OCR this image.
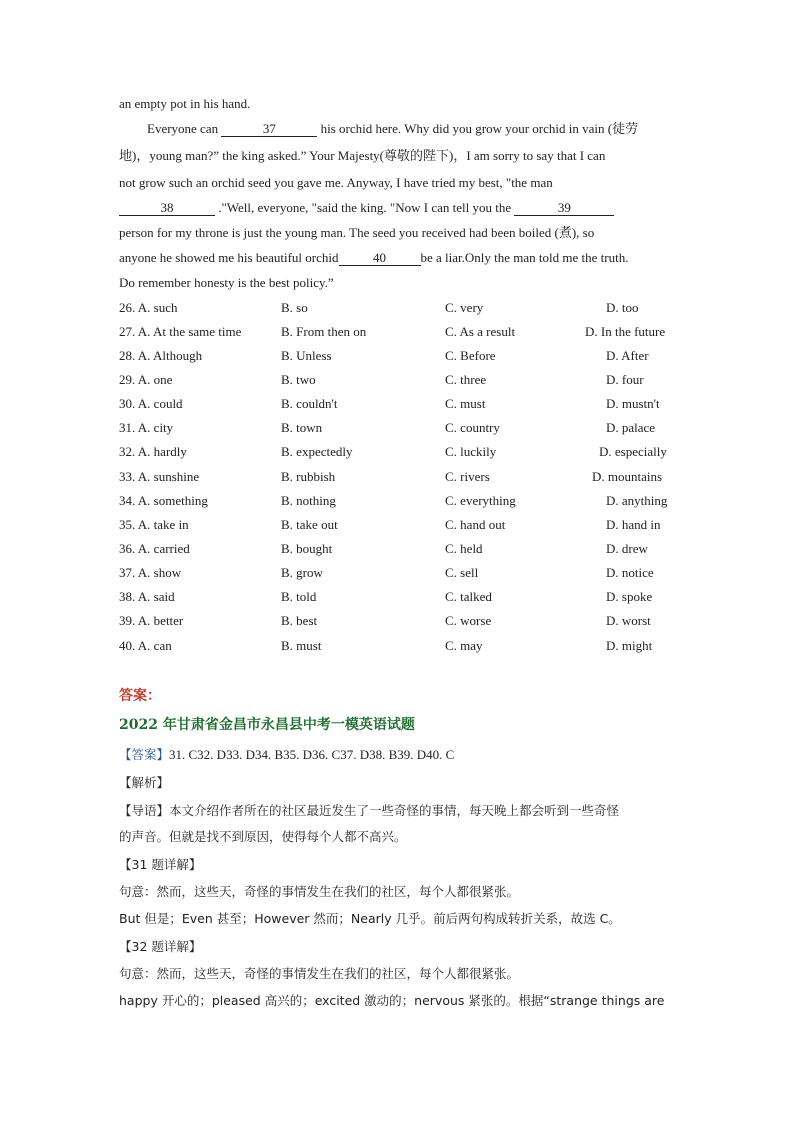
an empty pot in his hand.
Everyone can	37	his orchid here. Why did you grow your orchid in vain (徒劳
地)，young man?” the king asked.” Your Majesty(尊敬的陛下)，I am sorry to say that I can
not grow such an orchid seed you gave me. Anyway, I have tried my best, "the man
38	."Well, everyone, "said the king. "Now I can tell you the	39
person for my throne is just the young man. The seed you received had been boiled (煮), so
anyone he showed me his beautiful orchid	40	be a liar.Only the man told me the truth.
Do remember honesty is the best policy.”
26. A. such	B. so	C. very	D. too
27. A. At the same time	B. From then on	C. As a result	D. In the future
28. A. Although	B. Unless	C. Before	D. After
29. A. one	B. two	C. three	D. four
30. A. could	B. couldn't	C. must	D. mustn't
31. A. city	B. town	C. country	D. palace
32. A. hardly	B. expectedly	C. luckily	D. especially
33. A. sunshine	B. rubbish	C. rivers	D. mountains
34. A. something	B. nothing	C. everything	D. anything
35. A. take in	B. take out	C. hand out	D. hand in
36. A. carried	B. bought	C. held	D. drew
37. A. show	B. grow	C. sell	D. notice
38. A. said	B. told	C. talked	D. spoke
39. A. better	B. best	C. worse	D. worst
40. A. can	B. must	C. may	D. might
答案：
2022 年甘肃省金昌市永昌县中考一模英语试题
【答案】31. C32. D33. D34. B35. D36. C37. D38. B39. D40. C
【解析】
【导语】本文介绍作者所在的社区最近发生了一些奇怪的事情，每天晚上都会听到一些奇怪
的声音。但就是找不到原因，使得每个人都不高兴。
【31 题详解】
句意：然而，这些天，奇怪的事情发生在我们的社区，每个人都很紧张。
But 但是；Even 甚至；However 然而；Nearly 几乎。前后两句构成转折关系，故选 C。
【32 题详解】
句意：然而，这些天，奇怪的事情发生在我们的社区，每个人都很紧张。
happy 开心的；pleased 高兴的；excited 激动的；nervous 紧张的。根据“strange things are
